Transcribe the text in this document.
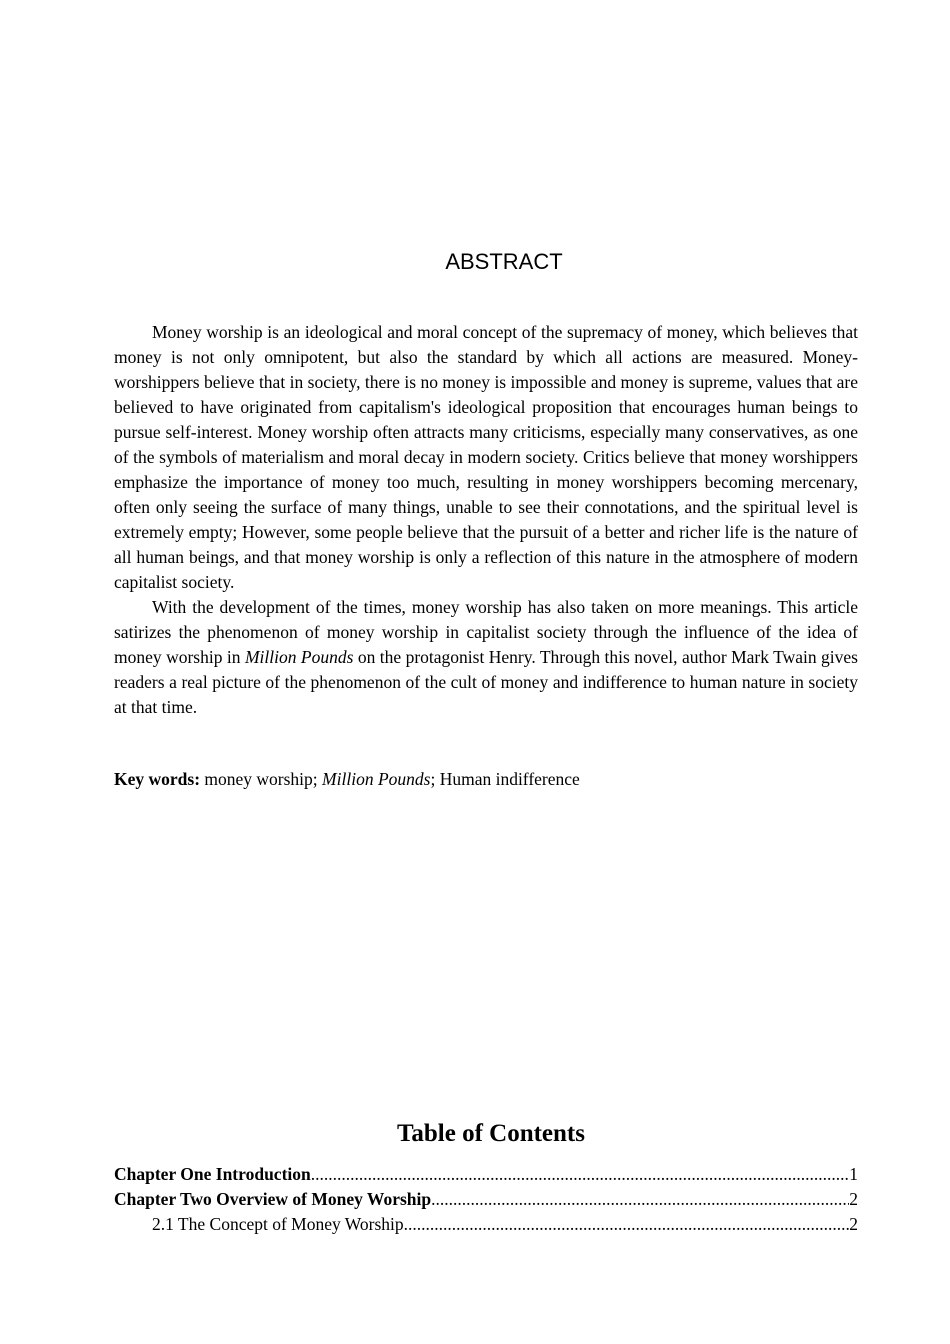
ABSTRACT

Money worship is an ideological and moral concept of the supremacy of money, which believes that money is not only omnipotent, but also the standard by which all actions are measured. Money-worshippers believe that in society, there is no money is impossible and money is supreme, values that are believed to have originated from capitalism's ideological proposition that encourages human beings to pursue self-interest. Money worship often attracts many criticisms, especially many conservatives, as one of the symbols of materialism and moral decay in modern society. Critics believe that money worshippers emphasize the importance of money too much, resulting in money worshippers becoming mercenary, often only seeing the surface of many things, unable to see their connotations, and the spiritual level is extremely empty; However, some people believe that the pursuit of a better and richer life is the nature of all human beings, and that money worship is only a reflection of this nature in the atmosphere of modern capitalist society.

With the development of the times, money worship has also taken on more meanings. This article satirizes the phenomenon of money worship in capitalist society through the influence of the idea of money worship in Million Pounds on the protagonist Henry. Through this novel, author Mark Twain gives readers a real picture of the phenomenon of the cult of money and indifference to human nature in society at that time.

Key words: money worship; Million Pounds; Human indifference
Table of Contents
Chapter One Introduction .....	1
Chapter Two Overview of Money Worship .....	2
2.1 The Concept of Money Worship .....	2
